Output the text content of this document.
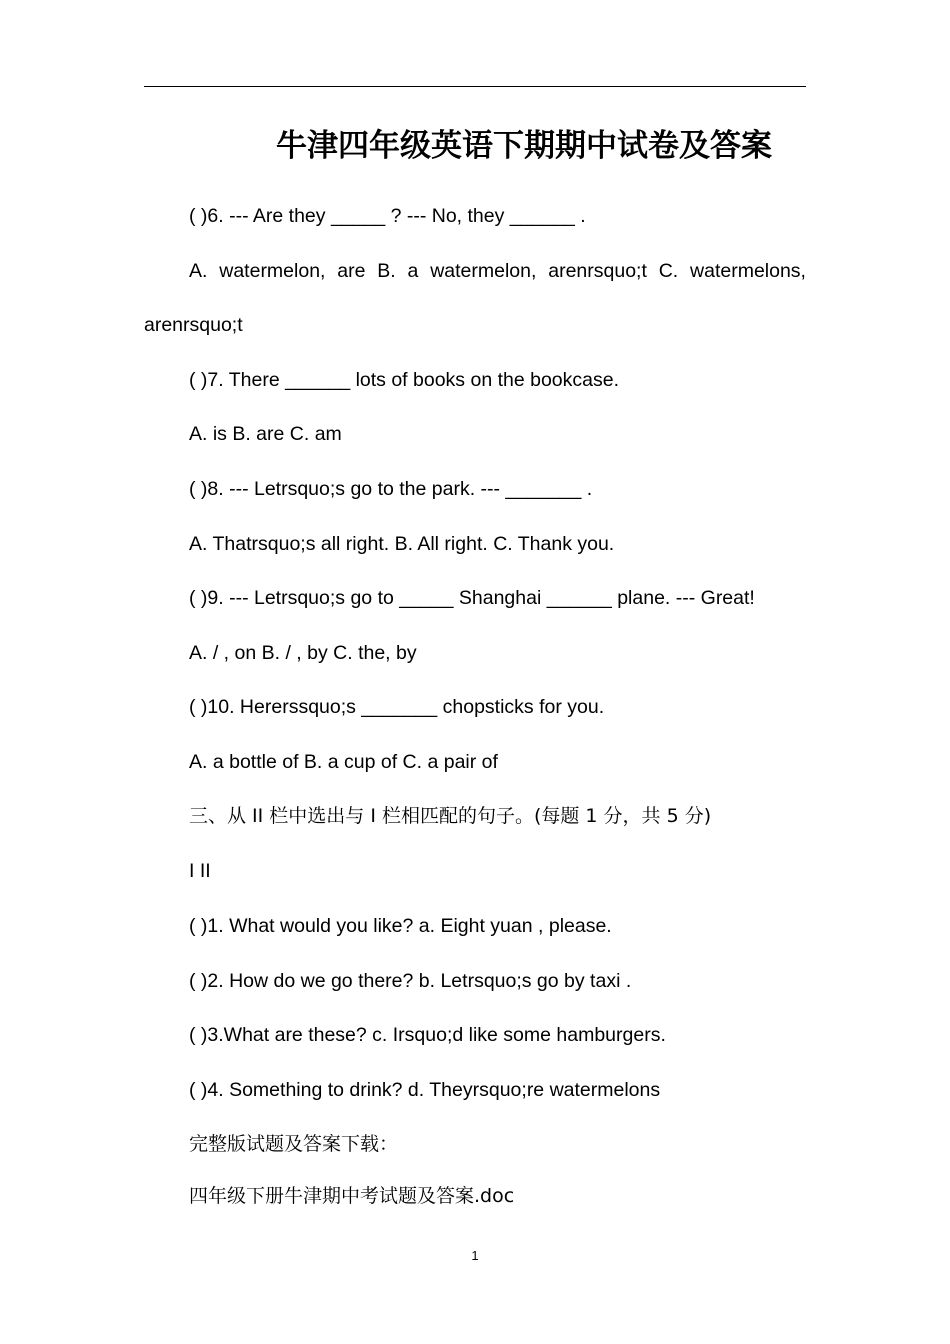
牛津四年级英语下期期中试卷及答案
( )6. --- Are they _____ ? --- No, they ______ .
A. watermelon, are B. a watermelon, arenrsquo;t C. watermelons,
arenrsquo;t
( )7. There ______ lots of books on the bookcase.
A. is B. are C. am
( )8. --- Letrsquo;s go to the park. --- _______ .
A. Thatrsquo;s all right. B. All right. C. Thank you.
( )9. --- Letrsquo;s go to _____ Shanghai ______ plane. --- Great!
A. / , on B. / , by C. the, by
( )10. Hererssquo;s _______ chopsticks for you.
A. a bottle of B. a cup of C. a pair of
三、从 II 栏中选出与 I 栏相匹配的句子。(每题 1 分，共 5 分)
I II
( )1. What would you like? a. Eight yuan , please.
( )2. How do we go there? b. Letrsquo;s go by taxi .
( )3.What are these? c. Irsquo;d like some hamburgers.
( )4. Something to drink? d. Theyrsquo;re watermelons
完整版试题及答案下载：
四年级下册牛津期中考试题及答案.doc
1
